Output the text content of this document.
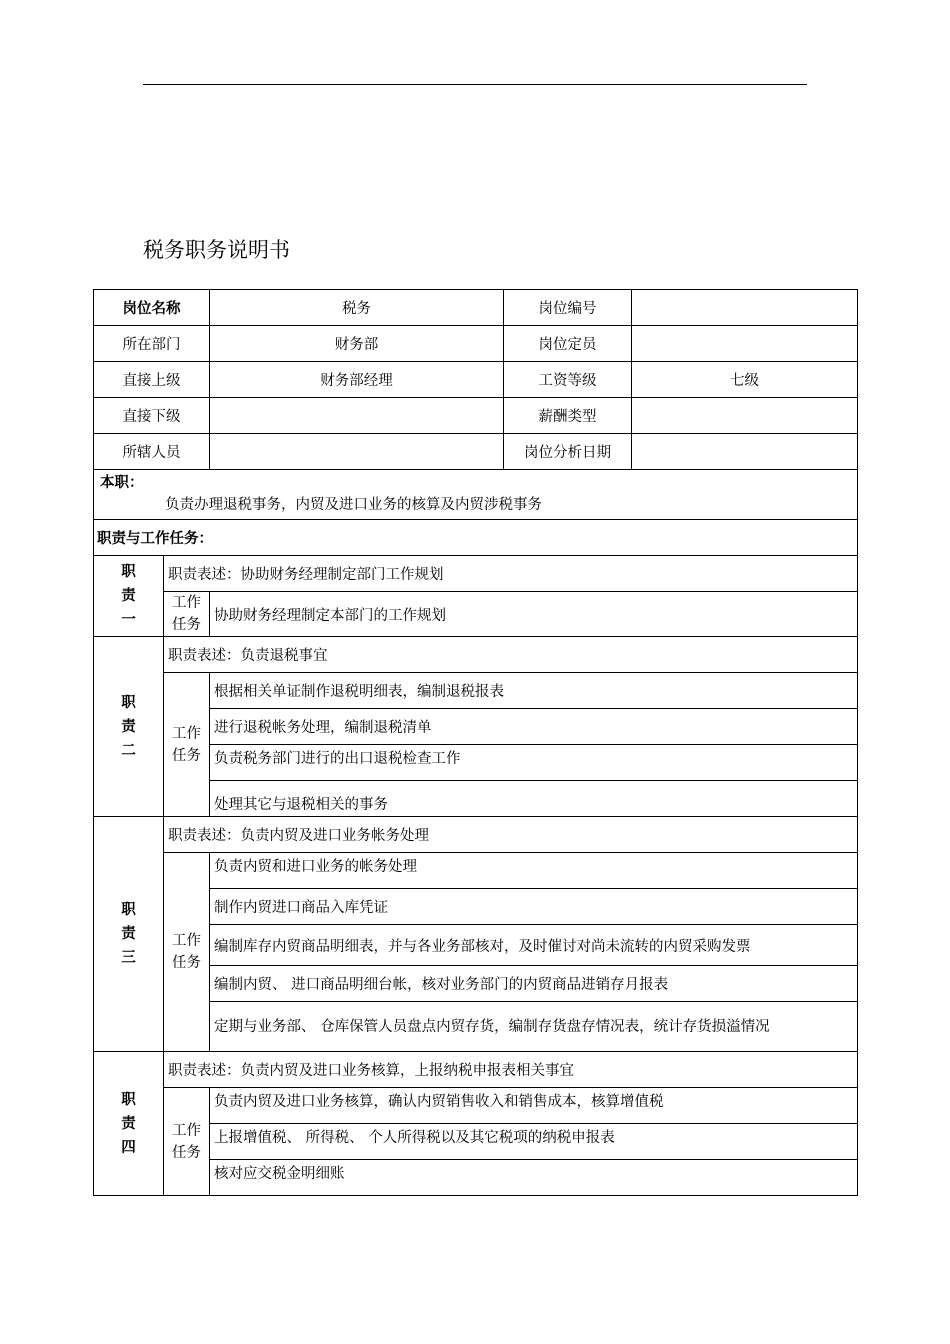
税务职务说明书
岗位名称		税务	岗位编号	
所在部门		财务部	岗位定员	
直接上级		财务部经理	工资等级	七级
直接下级			薪酬类型	
所辖人员			岗位分析日期	

本职：
负责办理退税事务，内贸及进口业务的核算及内贸涉税事务				

职责与工作任务：				

职
责
一	职责表述：协助财务经理制定部门工作规划			

	工作
任务	协助财务经理制定本部门的工作规划		

职
责
二	职责表述：负责退税事宜			

	工作
任务	根据相关单证制作退税明细表，编制退税报表		
		进行退税帐务处理，编制退税清单		
		负责税务部门进行的出口退税检查工作		
		处理其它与退税相关的事务		

职
责
三	职责表述：负责内贸及进口业务帐务处理			

	工作
任务	负责内贸和进口业务的帐务处理		
		制作内贸进口商品入库凭证		
		编制库存内贸商品明细表，并与各业务部核对，及时催讨对尚未流转的内贸采购发票		
		编制内贸、 进口商品明细台帐，核对业务部门的内贸商品进销存月报表		
		定期与业务部、 仓库保管人员盘点内贸存货，编制存货盘存情况表，统计存货损溢情况		

职
责
四	职责表述：负责内贸及进口业务核算，上报纳税申报表相关事宜			

	工作
任务	负责内贸及进口业务核算，确认内贸销售收入和销售成本，核算增值税		
		上报增值税、 所得税、 个人所得税以及其它税项的纳税申报表		
		核对应交税金明细账		
